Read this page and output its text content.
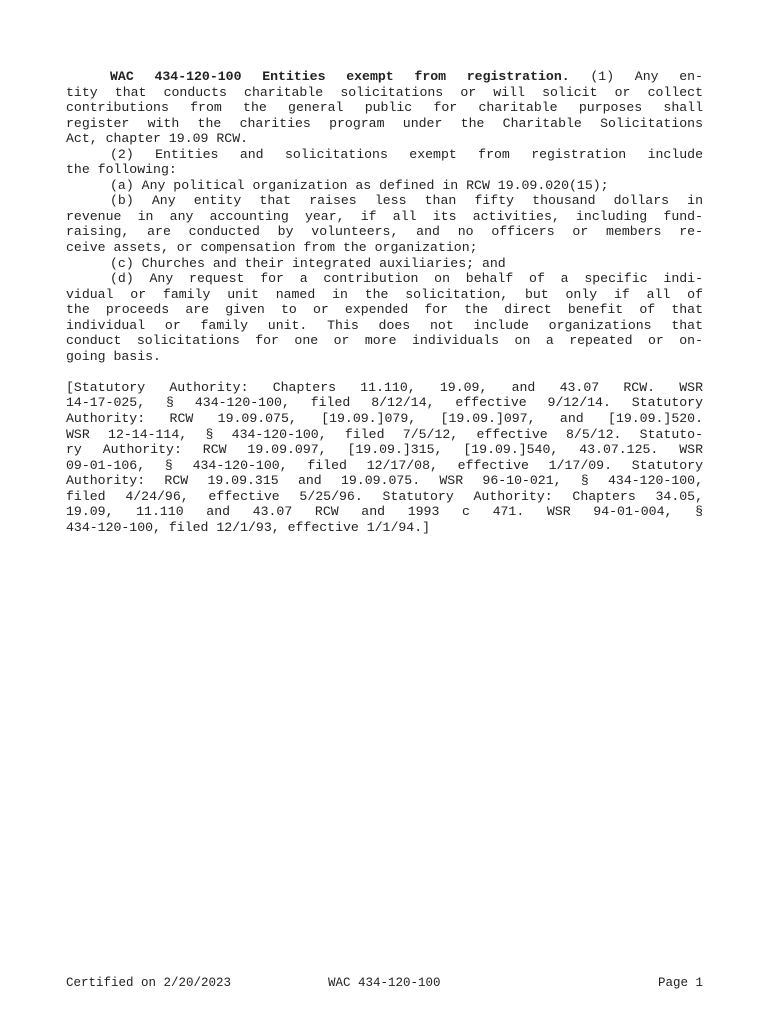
WAC 434-120-100 Entities exempt from registration. (1) Any en-
tity that conducts charitable solicitations or will solicit or collect
contributions from the general public for charitable purposes shall
register with the charities program under the Charitable Solicitations
Act, chapter 19.09 RCW.
(2) Entities and solicitations exempt from registration include
the following:
(a) Any political organization as defined in RCW 19.09.020(15);
(b) Any entity that raises less than fifty thousand dollars in
revenue in any accounting year, if all its activities, including fund-
raising, are conducted by volunteers, and no officers or members re-
ceive assets, or compensation from the organization;
(c) Churches and their integrated auxiliaries; and
(d) Any request for a contribution on behalf of a specific indi-
vidual or family unit named in the solicitation, but only if all of
the proceeds are given to or expended for the direct benefit of that
individual or family unit. This does not include organizations that
conduct solicitations for one or more individuals on a repeated or on-
going basis.
[Statutory Authority: Chapters 11.110, 19.09, and 43.07 RCW. WSR
14-17-025, § 434-120-100, filed 8/12/14, effective 9/12/14. Statutory
Authority: RCW 19.09.075, [19.09.]079, [19.09.]097, and [19.09.]520.
WSR 12-14-114, § 434-120-100, filed 7/5/12, effective 8/5/12. Statuto-
ry Authority: RCW 19.09.097, [19.09.]315, [19.09.]540, 43.07.125. WSR
09-01-106, § 434-120-100, filed 12/17/08, effective 1/17/09. Statutory
Authority: RCW 19.09.315 and 19.09.075. WSR 96-10-021, § 434-120-100,
filed 4/24/96, effective 5/25/96. Statutory Authority: Chapters 34.05,
19.09, 11.110 and 43.07 RCW and 1993 c 471. WSR 94-01-004, §
434-120-100, filed 12/1/93, effective 1/1/94.]
Certified on 2/20/2023	WAC 434-120-100	Page 1
